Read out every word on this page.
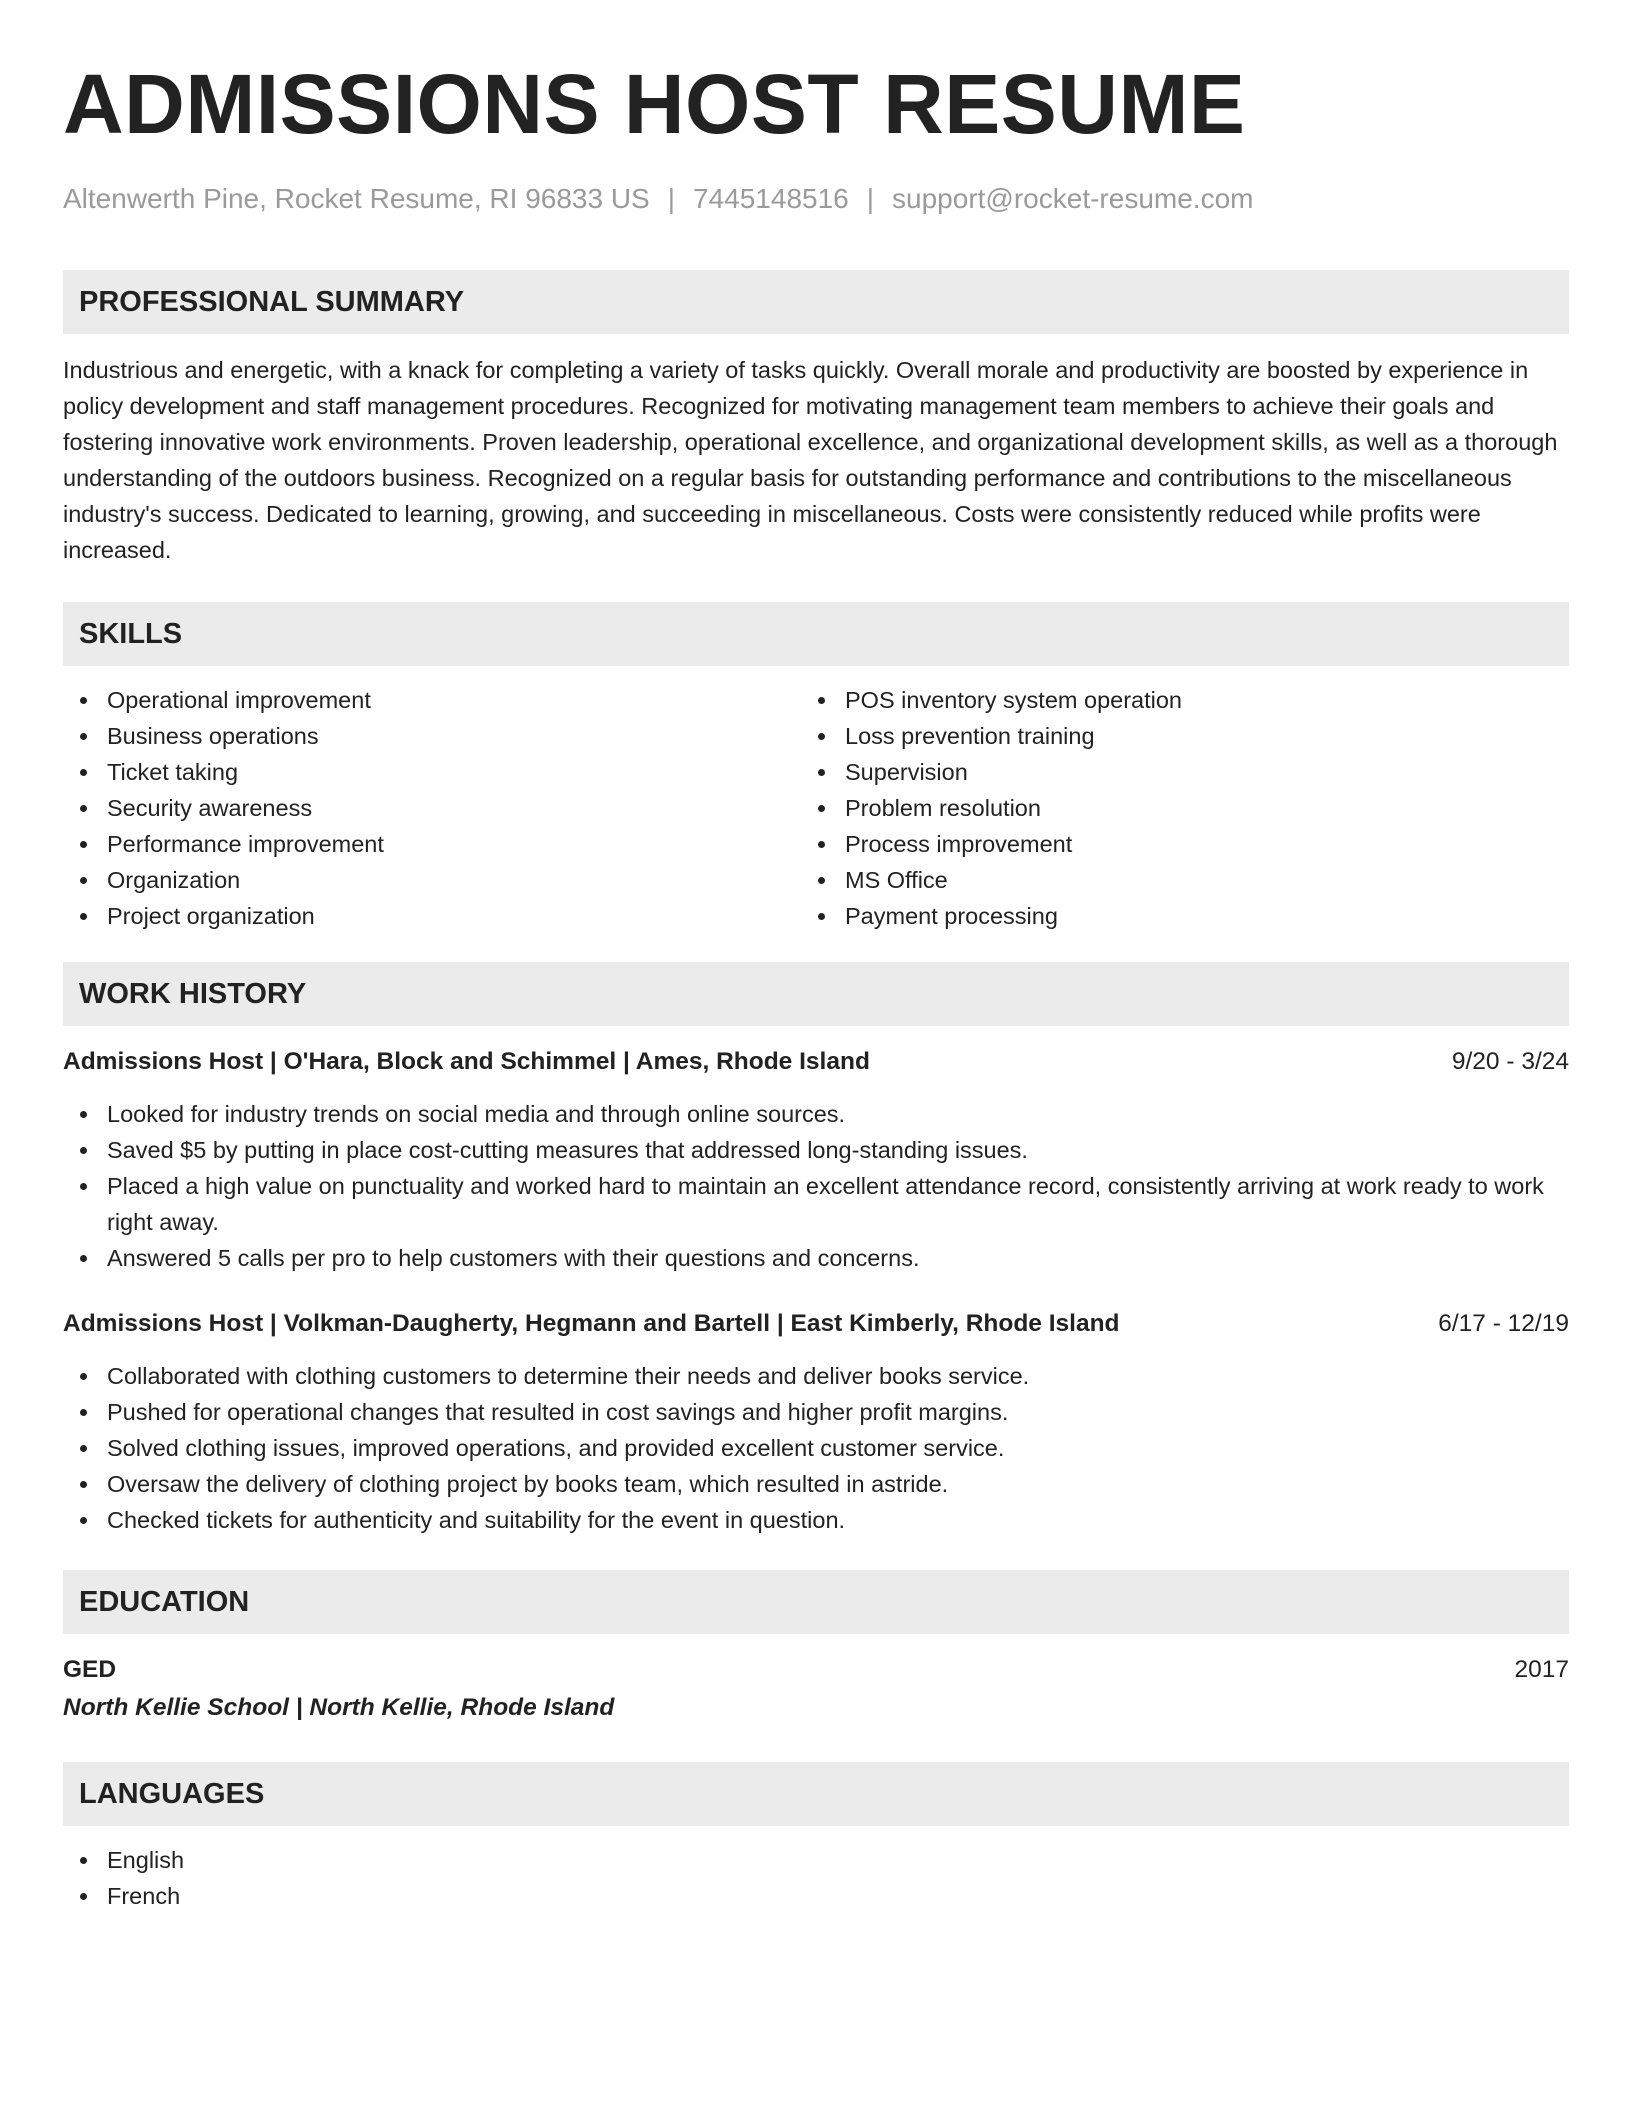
ADMISSIONS HOST RESUME
Altenwerth Pine, Rocket Resume, RI 96833 US | 7445148516 | support@rocket-resume.com
PROFESSIONAL SUMMARY

Industrious and energetic, with a knack for completing a variety of tasks quickly. Overall morale and productivity are boosted by experience in policy development and staff management procedures. Recognized for motivating management team members to achieve their goals and fostering innovative work environments. Proven leadership, operational excellence, and organizational development skills, as well as a thorough understanding of the outdoors business. Recognized on a regular basis for outstanding performance and contributions to the miscellaneous industry's success. Dedicated to learning, growing, and succeeding in miscellaneous. Costs were consistently reduced while profits were increased.

SKILLS
Operational improvement
Business operations
Ticket taking
Security awareness
Performance improvement
Organization
Project organization
POS inventory system operation
Loss prevention training
Supervision
Problem resolution
Process improvement
MS Office
Payment processing
WORK HISTORY
Admissions Host | O'Hara, Block and Schimmel | Ames, Rhode Island	9/20 - 3/24
Looked for industry trends on social media and through online sources.
Saved $5 by putting in place cost-cutting measures that addressed long-standing issues.
Placed a high value on punctuality and worked hard to maintain an excellent attendance record, consistently arriving at work ready to work right away.
Answered 5 calls per pro to help customers with their questions and concerns.
Admissions Host | Volkman-Daugherty, Hegmann and Bartell | East Kimberly, Rhode Island	6/17 - 12/19
Collaborated with clothing customers to determine their needs and deliver books service.
Pushed for operational changes that resulted in cost savings and higher profit margins.
Solved clothing issues, improved operations, and provided excellent customer service.
Oversaw the delivery of clothing project by books team, which resulted in astride.
Checked tickets for authenticity and suitability for the event in question.
EDUCATION
GED	2017
North Kellie School | North Kellie, Rhode Island
LANGUAGES
English
French
